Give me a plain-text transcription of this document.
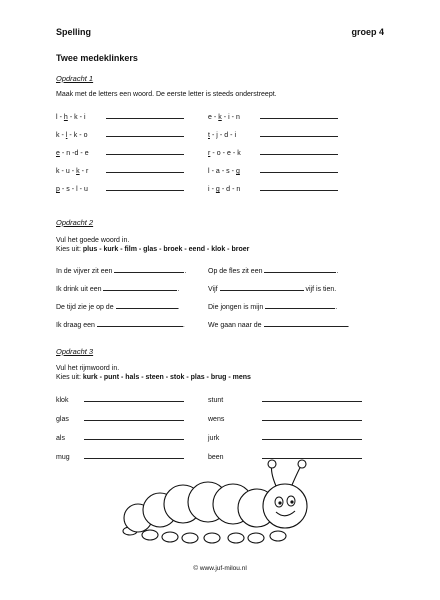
Spelling	groep 4
Twee medeklinkers
Opdracht 1
Maak met de letters een woord. De eerste letter is steeds onderstreept.
l - h - k - i
k - l - k - o
e - n -d - e
k - u - k - r
p - s - l - u
e - k - i - n
t - j - d - i
r - o - e - k
l - a - s - g
i - g - d - n
Opdracht 2
Vul het goede woord in.
Kies uit: plus - kurk - film - glas - broek - eend - klok - broer
In de vijver zit een	.
Ik drink uit een	.
De tijd zie je op de	.
Ik draag een	.
Op de fles zit een	.
Vijf	vijf is tien.
Die jongen is mijn	.
We gaan naar de	.
Opdracht 3
Vul het rijmwoord in.
Kies uit: kurk - punt - hals - steen - stok - plas - brug - mens
klok
glas
als
mug
stunt
wens
jurk
been
© www.juf-milou.nl
